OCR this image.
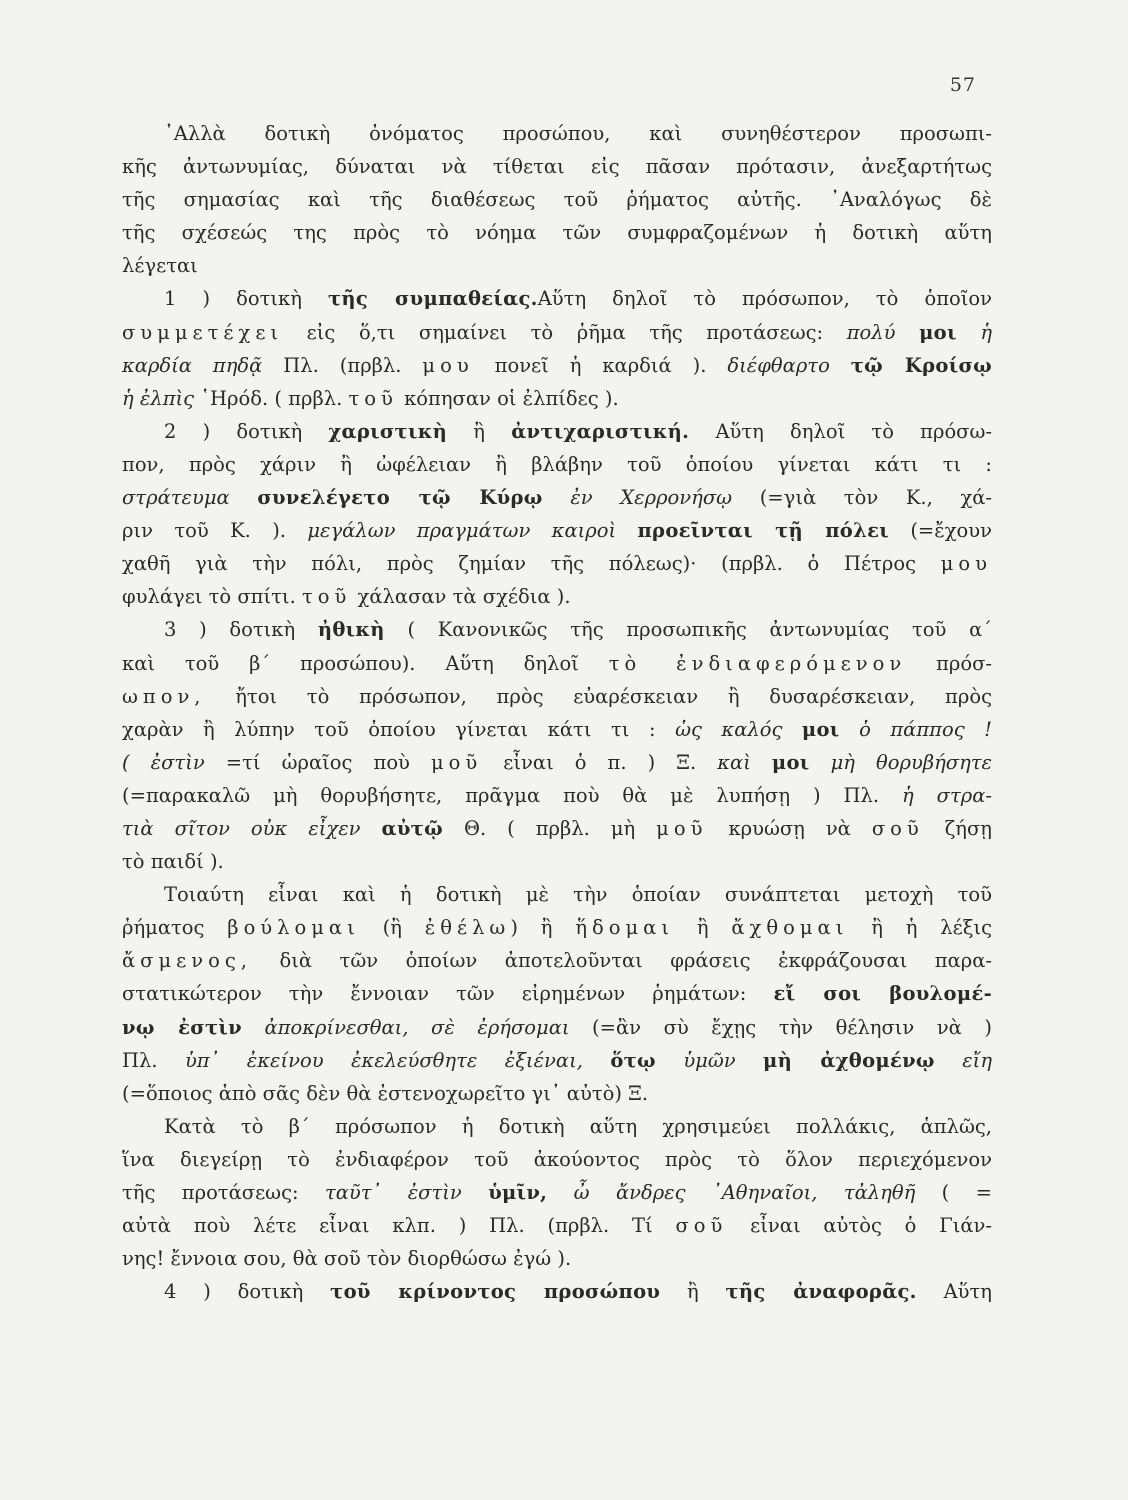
57
᾿Αλλὰ δοτικὴ ὀνόματος προσώπου, καὶ συνηθέστερον προσωπι-
κῆς ἀντωνυμίας, δύναται νὰ τίθεται εἰς πᾶσαν πρότασιν, ἀνεξαρτήτως
τῆς σημασίας καὶ τῆς διαθέσεως τοῦ ῥήματος αὐτῆς. ᾿Αναλόγως δὲ
τῆς σχέσεώς της πρὸς τὸ νόημα τῶν συμφραζομένων ἡ δοτικὴ αὕτη
λέγεται
1 ) δοτικὴ τῆς συμπαθείας.Αὕτη δηλοῖ τὸ πρόσωπον, τὸ ὁποῖον
συμμετέχει εἰς ὅ,τι σημαίνει τὸ ῥῆμα τῆς προτάσεως: πολύ μοι ἡ
καρδία πηδᾷ Πλ. (πρβλ. μου πονεῖ ἡ καρδιά ). διέφθαρτο τῷ Κροίσῳ
ἡ ἐλπὶς ῾Ηρόδ. ( πρβλ. τοῦ κόπησαν οἱ ἐλπίδες ).
2 ) δοτικὴ χαριστικὴ ἢ ἀντιχαριστική. Αὕτη δηλοῖ τὸ πρόσω-
πον, πρὸς χάριν ἢ ὠφέλειαν ἢ βλάβην τοῦ ὁποίου γίνεται κάτι τι :
στράτευμα συνελέγετο τῷ Κύρῳ ἐν Χερρονήσῳ (=γιὰ τὸν Κ., χά-
ριν τοῦ Κ. ). μεγάλων πραγμάτων καιροὶ προεῖνται τῇ πόλει (=ἔχουν
χαθῆ γιὰ τὴν πόλι, πρὸς ζημίαν τῆς πόλεως)· (πρβλ. ὁ Πέτρος μου
φυλάγει τὸ σπίτι. τοῦ χάλασαν τὰ σχέδια ).
3 ) δοτικὴ ἠθικὴ ( Κανονικῶς τῆς προσωπικῆς ἀντωνυμίας τοῦ α΄
καὶ τοῦ β΄ προσώπου). Αὕτη δηλοῖ τὸ ἐνδιαφερόμενον πρόσ-
ωπον, ἤτοι τὸ πρόσωπον, πρὸς εὐαρέσκειαν ἢ δυσαρέσκειαν, πρὸς
χαρὰν ἢ λύπην τοῦ ὁποίου γίνεται κάτι τι : ὡς καλός μοι ὁ πάππος !
( ἐστὶν =τί ὡραῖος ποὺ μοῦ εἶναι ὁ π. ) Ξ. καὶ μοι μὴ θορυβήσητε
(=παρακαλῶ μὴ θορυβήσητε, πρᾶγμα ποὺ θὰ μὲ λυπήσῃ ) Πλ. ἡ στρα-
τιὰ σῖτον οὐκ εἶχεν αὐτῷ Θ. ( πρβλ. μὴ μοῦ κρυώσῃ νὰ σοῦ ζήσῃ
τὸ παιδί ).
Τοιαύτη εἶναι καὶ ἡ δοτικὴ μὲ τὴν ὁποίαν συνάπτεται μετοχὴ τοῦ
ῥήματος βούλομαι (ἢ ἐθέλω) ἢ ἥδομαι ἢ ἄχθομαι ἢ ἡ λέξις
ἄσμενος, διὰ τῶν ὁποίων ἀποτελοῦνται φράσεις ἐκφράζουσαι παρα-
στατικώτερον τὴν ἔννοιαν τῶν εἰρημένων ῥημάτων: εἴ σοι βουλομέ-
νῳ ἐστὶν ἀποκρίνεσθαι, σὲ ἐρήσομαι (=ἂν σὺ ἔχῃς τὴν θέλησιν νὰ )
Πλ. ὑπ᾿ ἐκείνου ἐκελεύσθητε ἐξιέναι, ὅτῳ ὑμῶν μὴ ἀχθομένῳ εἴη
(=ὅποιος ἀπὸ σᾶς δὲν θὰ ἐστενοχωρεῖτο γι᾿ αὐτὸ) Ξ.
Κατὰ τὸ β΄ πρόσωπον ἡ δοτικὴ αὕτη χρησιμεύει πολλάκις, ἁπλῶς,
ἵνα διεγείρῃ τὸ ἐνδιαφέρον τοῦ ἀκούοντος πρὸς τὸ ὅλον περιεχόμενον
τῆς προτάσεως: ταῦτ᾿ ἐστὶν ὑμῖν, ὦ ἄνδρες ᾿Αθηναῖοι, τἀληθῆ ( =
αὐτὰ ποὺ λέτε εἶναι κλπ. ) Πλ. (πρβλ. Τί σοῦ εἶναι αὐτὸς ὁ Γιάν-
νης! ἔννοια σου, θὰ σοῦ τὸν διορθώσω ἐγώ ).
4 ) δοτικὴ τοῦ κρίνοντος προσώπου ἢ τῆς ἀναφορᾶς. Αὕτη
